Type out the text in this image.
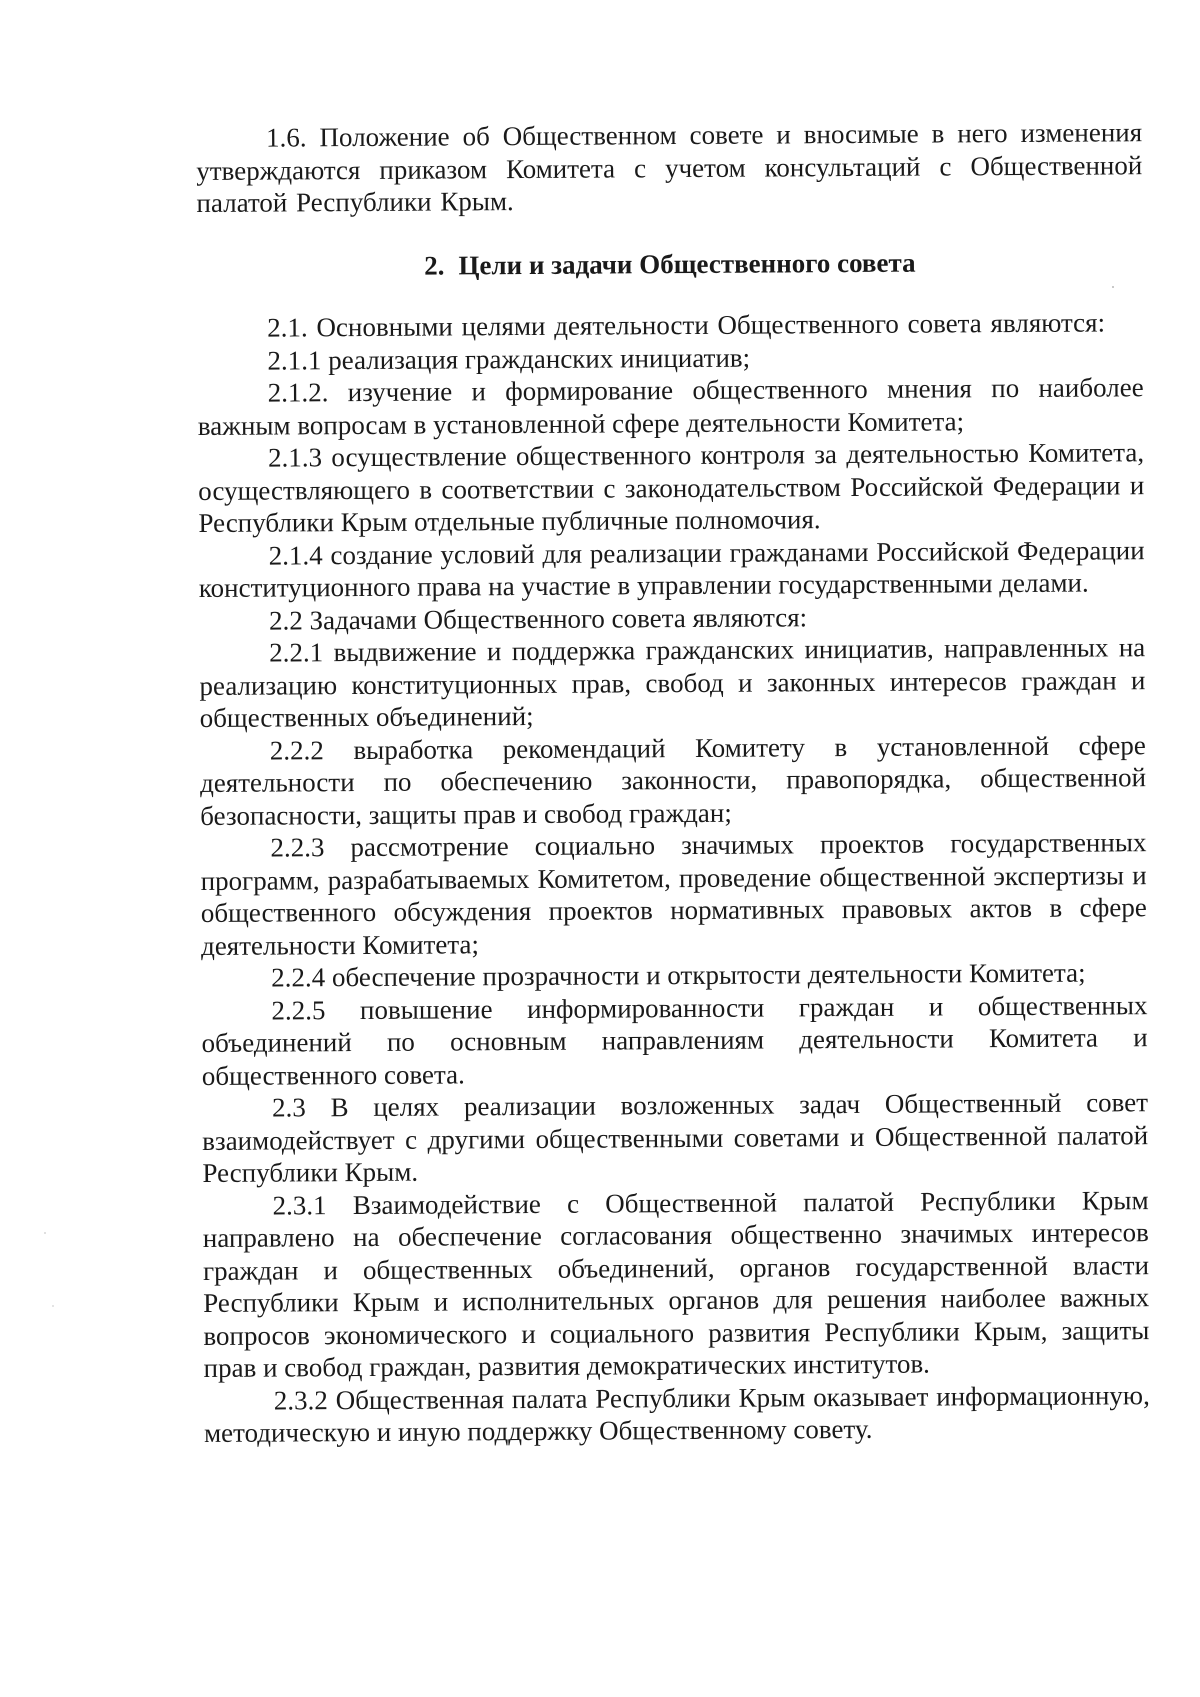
1.6. Положение об Общественном совете и вносимые в него изменения утверждаются приказом Комитета с учетом консультаций с Общественной палатой Республики Крым.

2. Цели и задачи Общественного совета

2.1. Основными целями деятельности Общественного совета являются:

2.1.1 реализация гражданских инициатив;

2.1.2. изучение и формирование общественного мнения по наиболее важным вопросам в установленной сфере деятельности Комитета;

2.1.3 осуществление общественного контроля за деятельностью Комитета, осуществляющего в соответствии с законодательством Российской Федерации и Республики Крым отдельные публичные полномочия.

2.1.4 создание условий для реализации гражданами Российской Федерации конституционного права на участие в управлении государственными делами.

2.2 Задачами Общественного совета являются:

2.2.1 выдвижение и поддержка гражданских инициатив, направленных на реализацию конституционных прав, свобод и законных интересов граждан и общественных объединений;

2.2.2 выработка рекомендаций Комитету в установленной сфере деятельности по обеспечению законности, правопорядка, общественной безопасности, защиты прав и свобод граждан;

2.2.3 рассмотрение социально значимых проектов государственных программ, разрабатываемых Комитетом, проведение общественной экспертизы и общественного обсуждения проектов нормативных правовых актов в сфере деятельности Комитета;

2.2.4 обеспечение прозрачности и открытости деятельности Комитета;

2.2.5 повышение информированности граждан и общественных объединений по основным направлениям деятельности Комитета и общественного совета.

2.3 В целях реализации возложенных задач Общественный совет взаимодействует с другими общественными советами и Общественной палатой Республики Крым.

2.3.1 Взаимодействие с Общественной палатой Республики Крым направлено на обеспечение согласования общественно значимых интересов граждан и общественных объединений, органов государственной власти Республики Крым и исполнительных органов для решения наиболее важных вопросов экономического и социального развития Республики Крым, защиты прав и свобод граждан, развития демократических институтов.

2.3.2 Общественная палата Республики Крым оказывает информационную, методическую и иную поддержку Общественному совету.
